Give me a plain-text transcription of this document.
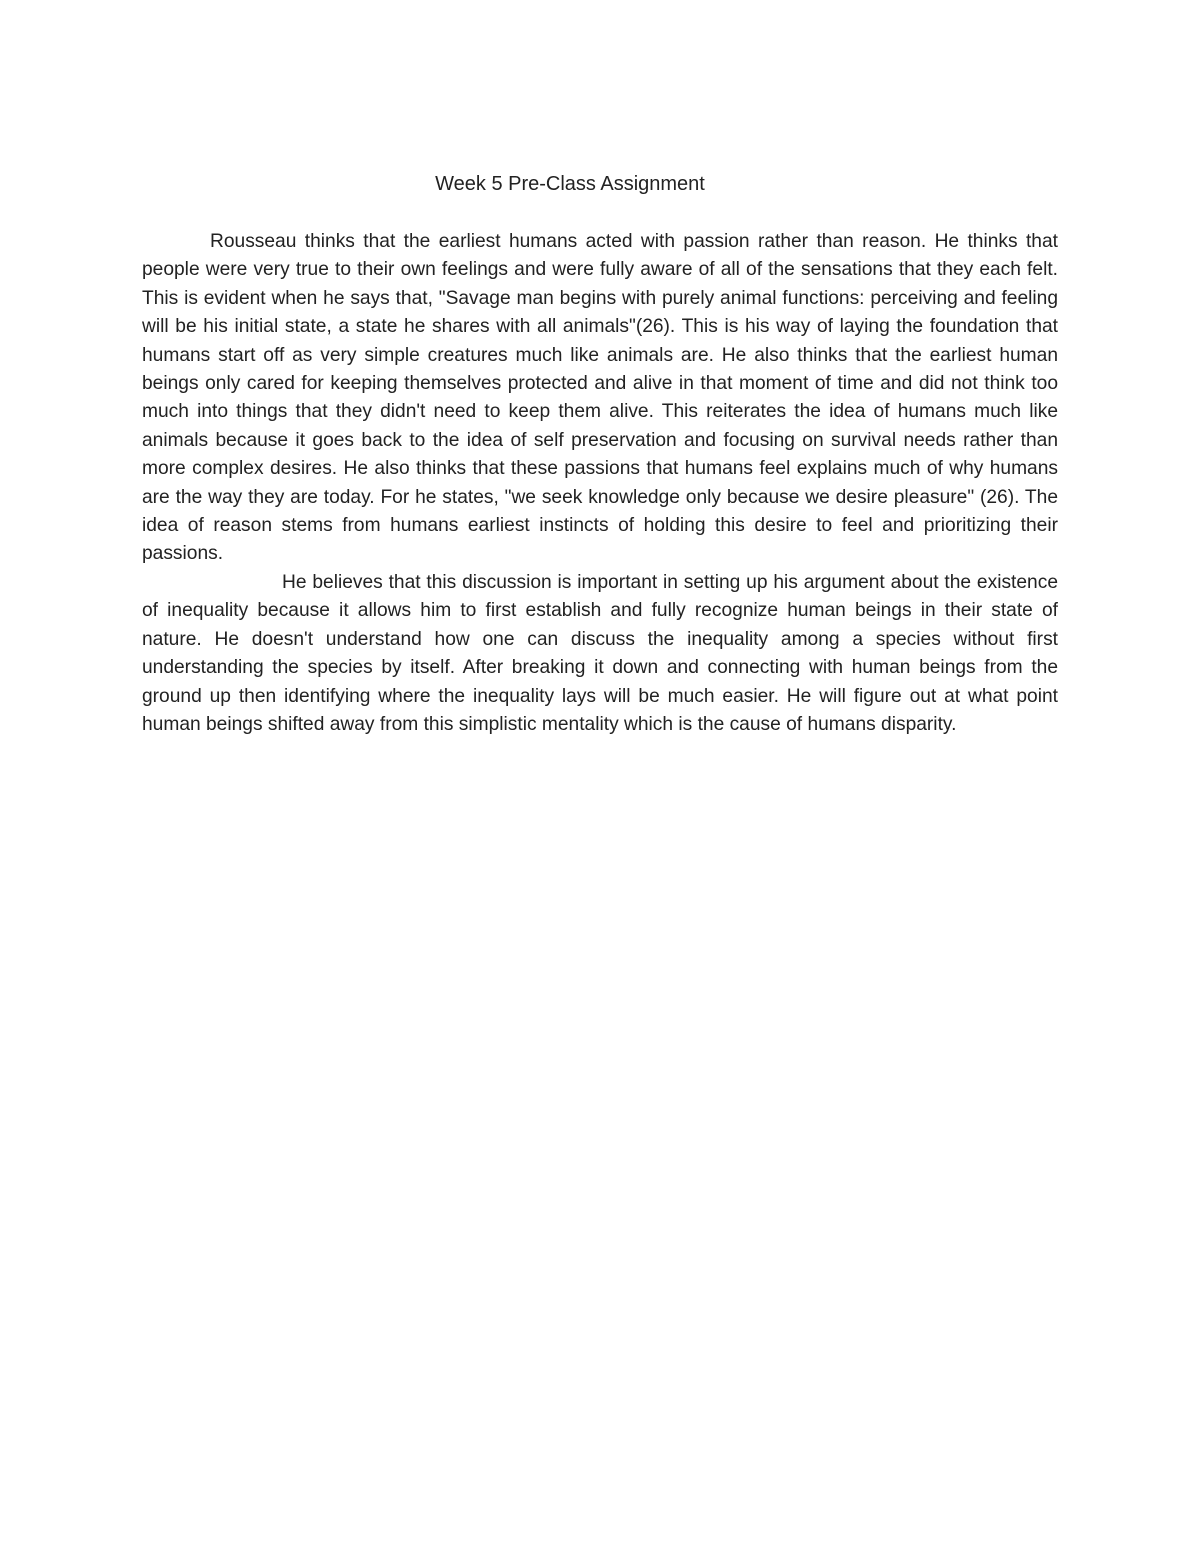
Week 5 Pre-Class Assignment

Rousseau thinks that the earliest humans acted with passion rather than reason. He thinks that people were very true to their own feelings and were fully aware of all of the sensations that they each felt. This is evident when he says that, "Savage man begins with purely animal functions: perceiving and feeling will be his initial state, a state he shares with all animals"(26). This is his way of laying the foundation that humans start off as very simple creatures much like animals are. He also thinks that the earliest human beings only cared for keeping themselves protected and alive in that moment of time and did not think too much into things that they didn't need to keep them alive. This reiterates the idea of humans much like animals because it goes back to the idea of self preservation and focusing on survival needs rather than more complex desires. He also thinks that these passions that humans feel explains much of why humans are the way they are today. For he states, "we seek knowledge only because we desire pleasure" (26). The idea of reason stems from humans earliest instincts of holding this desire to feel and prioritizing their passions.

He believes that this discussion is important in setting up his argument about the existence of inequality because it allows him to first establish and fully recognize human beings in their state of nature. He doesn't understand how one can discuss the inequality among a species without first understanding the species by itself. After breaking it down and connecting with human beings from the ground up then identifying where the inequality lays will be much easier. He will figure out at what point human beings shifted away from this simplistic mentality which is the cause of humans disparity.
